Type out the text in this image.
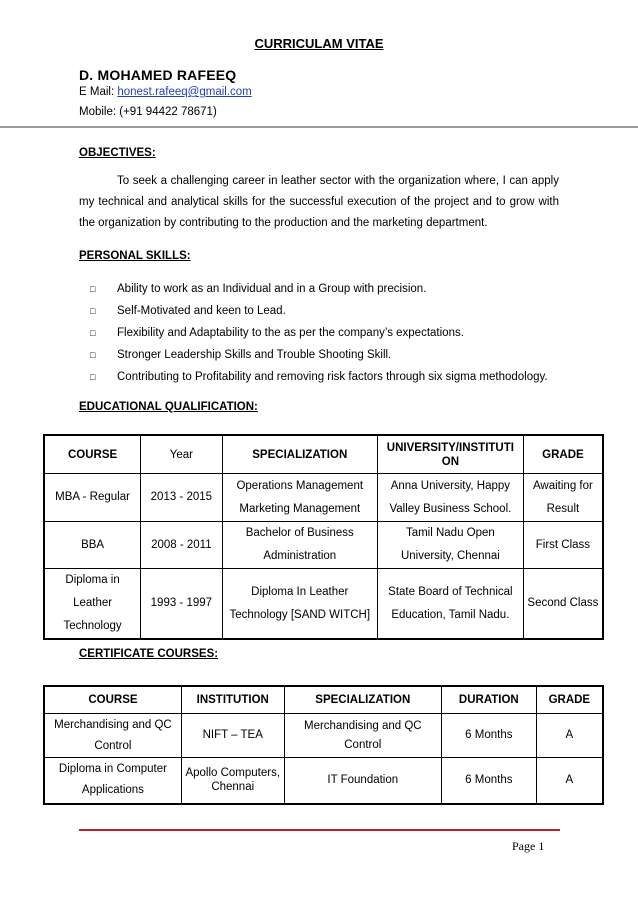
CURRICULAM VITAE
D. MOHAMED RAFEEQ
E Mail: honest.rafeeq@gmail.com
Mobile: (+91 94422 78671)
OBJECTIVES:
To seek a challenging career in leather sector with the organization where, I can apply my technical and analytical skills for the successful execution of the project and to grow with the organization by contributing to the production and the marketing department.
PERSONAL SKILLS:
□	Ability to work as an Individual and in a Group with precision.
□	Self-Motivated and keen to Lead.
□	Flexibility and Adaptability to the as per the company’s expectations.
□	Stronger Leadership Skills and Trouble Shooting Skill.
□	Contributing to Profitability and removing risk factors through six sigma methodology.
EDUCATIONAL QUALIFICATION:
COURSE	Year	SPECIALIZATION	UNIVERSITY/INSTITUTI ON	GRADE
MBA - Regular	2013 - 2015	Operations Management Marketing Management	Anna University, Happy Valley Business School.	Awaiting for Result
BBA	2008 - 2011	Bachelor of Business Administration	Tamil Nadu Open University, Chennai	First Class
Diploma in Leather Technology	1993 - 1997	Diploma In Leather Technology [SAND WITCH]	State Board of Technical Education, Tamil Nadu.	Second Class
CERTIFICATE COURSES:
COURSE	INSTITUTION	SPECIALIZATION	DURATION	GRADE
Merchandising and QC Control	NIFT – TEA	Merchandising and QC Control	6 Months	A
Diploma in Computer Applications	Apollo Computers, Chennai	IT Foundation	6 Months	A
Page 1
